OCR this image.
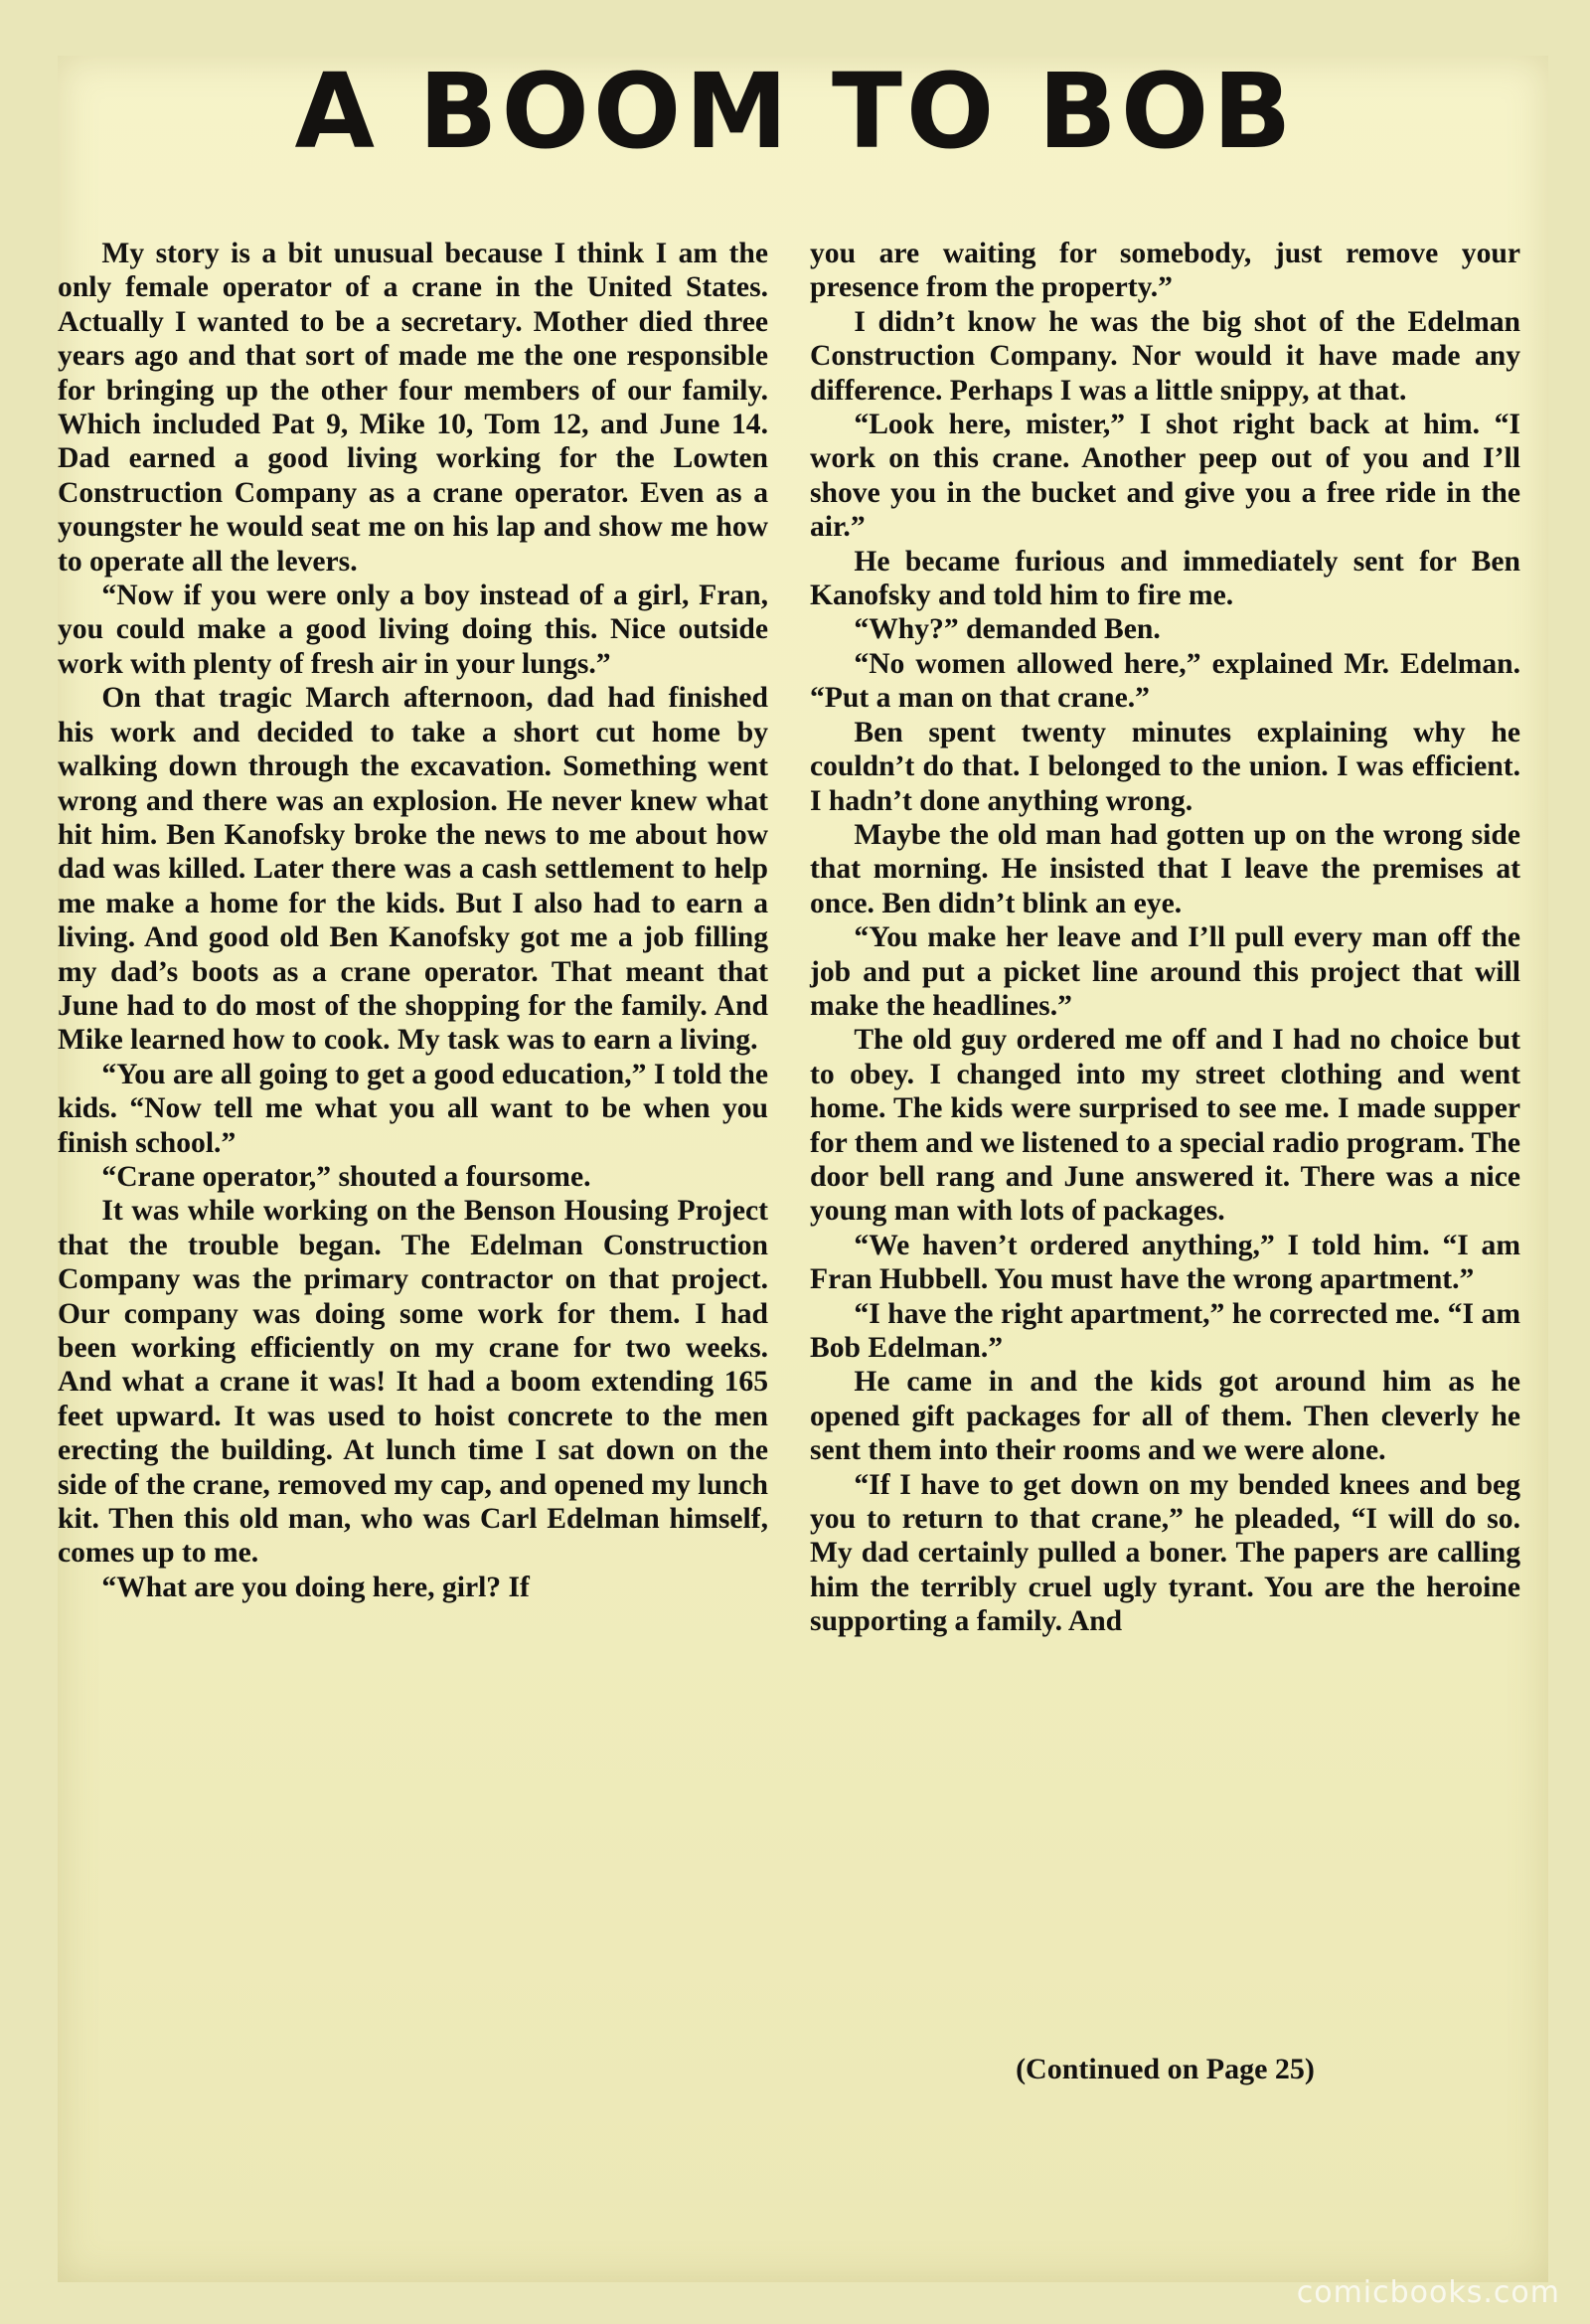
A BOOM TO BOB

My story is a bit unusual because I think I am the only female operator of a crane in the United States. Actually I wanted to be a secretary. Mother died three years ago and that sort of made me the one responsible for bringing up the other four members of our family. Which included Pat 9, Mike 10, Tom 12, and June 14. Dad earned a good living working for the Lowten Construction Company as a crane operator. Even as a youngster he would seat me on his lap and show me how to operate all the levers.

“Now if you were only a boy instead of a girl, Fran, you could make a good living doing this. Nice outside work with plenty of fresh air in your lungs.”

On that tragic March afternoon, dad had finished his work and decided to take a short cut home by walking down through the excavation. Something went wrong and there was an explosion. He never knew what hit him. Ben Kanofsky broke the news to me about how dad was killed. Later there was a cash settlement to help me make a home for the kids. But I also had to earn a living. And good old Ben Kanofsky got me a job filling my dad’s boots as a crane operator. That meant that June had to do most of the shopping for the family. And Mike learned how to cook. My task was to earn a living.

“You are all going to get a good education,” I told the kids. “Now tell me what you all want to be when you finish school.”

“Crane operator,” shouted a foursome.

It was while working on the Benson Housing Project that the trouble began. The Edelman Construction Company was the primary contractor on that project. Our company was doing some work for them. I had been working efficiently on my crane for two weeks. And what a crane it was! It had a boom extending 165 feet upward. It was used to hoist concrete to the men erecting the building. At lunch time I sat down on the side of the crane, removed my cap, and opened my lunch kit. Then this old man, who was Carl Edelman himself, comes up to me.

“What are you doing here, girl? If

you are waiting for somebody, just remove your presence from the property.”

I didn’t know he was the big shot of the Edelman Construction Company. Nor would it have made any difference. Perhaps I was a little snippy, at that.

“Look here, mister,” I shot right back at him. “I work on this crane. Another peep out of you and I’ll shove you in the bucket and give you a free ride in the air.”

He became furious and immediately sent for Ben Kanofsky and told him to fire me.

“Why?” demanded Ben.

“No women allowed here,” explained Mr. Edelman. “Put a man on that crane.”

Ben spent twenty minutes explaining why he couldn’t do that. I belonged to the union. I was efficient. I hadn’t done anything wrong.

Maybe the old man had gotten up on the wrong side that morning. He insisted that I leave the premises at once. Ben didn’t blink an eye.

“You make her leave and I’ll pull every man off the job and put a picket line around this project that will make the headlines.”

The old guy ordered me off and I had no choice but to obey. I changed into my street clothing and went home. The kids were surprised to see me. I made supper for them and we listened to a special radio program. The door bell rang and June answered it. There was a nice young man with lots of packages.

“We haven’t ordered anything,” I told him. “I am Fran Hubbell. You must have the wrong apartment.”

“I have the right apartment,” he corrected me. “I am Bob Edelman.”

He came in and the kids got around him as he opened gift packages for all of them. Then cleverly he sent them into their rooms and we were alone.

“If I have to get down on my bended knees and beg you to return to that crane,” he pleaded, “I will do so. My dad certainly pulled a boner. The papers are calling him the terribly cruel ugly tyrant. You are the heroine supporting a family. And

(Continued on Page 25)
comicbooks.com
